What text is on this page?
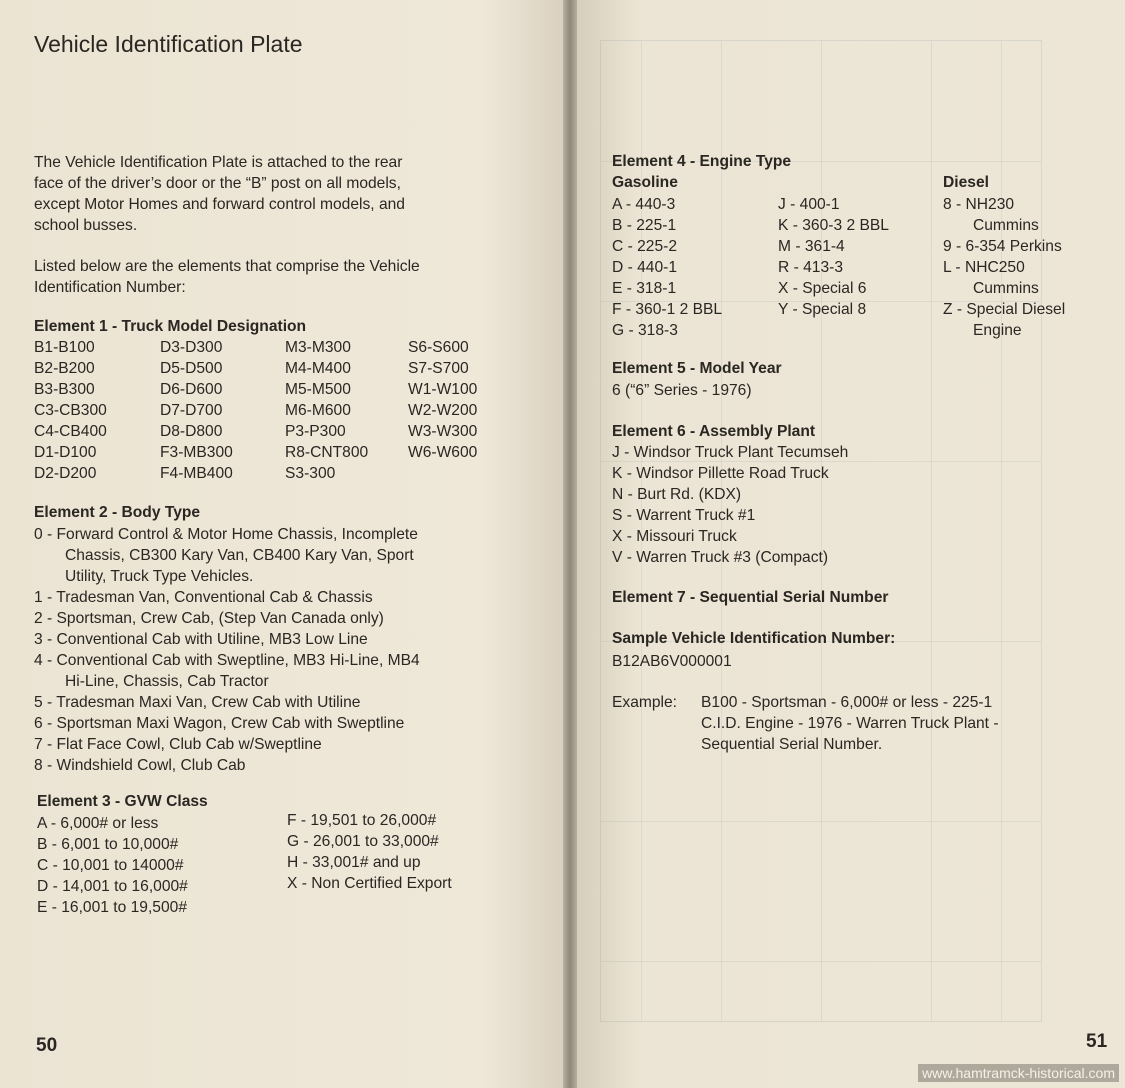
Vehicle Identification Plate
The Vehicle Identification Plate is attached to the rear
face of the driver’s door or the “B” post on all models,
except Motor Homes and forward control models, and
school busses.
Listed below are the elements that comprise the Vehicle
Identification Number:
Element 1 - Truck Model Designation
B1-B100
B2-B200
B3-B300
C3-CB300
C4-CB400
D1-D100
D2-D200
D3-D300
D5-D500
D6-D600
D7-D700
D8-D800
F3-MB300
F4-MB400
M3-M300
M4-M400
M5-M500
M6-M600
P3-P300
R8-CNT800
S3-300
S6-S600
S7-S700
W1-W100
W2-W200
W3-W300
W6-W600
Element 2 - Body Type
0 - Forward Control & Motor Home Chassis, Incomplete
Chassis, CB300 Kary Van, CB400 Kary Van, Sport
Utility, Truck Type Vehicles.
1 - Tradesman Van, Conventional Cab & Chassis
2 - Sportsman, Crew Cab, (Step Van Canada only)
3 - Conventional Cab with Utiline, MB3 Low Line
4 - Conventional Cab with Sweptline, MB3 Hi-Line, MB4
Hi-Line, Chassis, Cab Tractor
5 - Tradesman Maxi Van, Crew Cab with Utiline
6 - Sportsman Maxi Wagon, Crew Cab with Sweptline
7 - Flat Face Cowl, Club Cab w/Sweptline
8 - Windshield Cowl, Club Cab
Element 3 - GVW Class
A - 6,000# or less
B - 6,001 to 10,000#
C - 10,001 to 14000#
D - 14,001 to 16,000#
E - 16,001 to 19,500#
F - 19,501 to 26,000#
G - 26,001 to 33,000#
H - 33,001# and up
X - Non Certified Export
50
Element 4 - Engine Type
Gasoline	Diesel
A - 440-3
B - 225-1
C - 225-2
D - 440-1
E - 318-1
F - 360-1 2 BBL
G - 318-3
J - 400-1
K - 360-3 2 BBL
M - 361-4
R - 413-3
X - Special 6
Y - Special 8
8 - NH230
Cummins
9 - 6-354 Perkins
L - NHC250
Cummins
Z - Special Diesel
Engine
Element 5 - Model Year
6 (“6” Series - 1976)
Element 6 - Assembly Plant
J - Windsor Truck Plant Tecumseh
K - Windsor Pillette Road Truck
N - Burt Rd. (KDX)
S - Warrent Truck #1
X - Missouri Truck
V - Warren Truck #3 (Compact)
Element 7 - Sequential Serial Number
Sample Vehicle Identification Number:
B12AB6V000001
Example: B100 - Sportsman - 6,000# or less - 225-1
C.I.D. Engine - 1976 - Warren Truck Plant -
Sequential Serial Number.
51
www.hamtramck-historical.com
